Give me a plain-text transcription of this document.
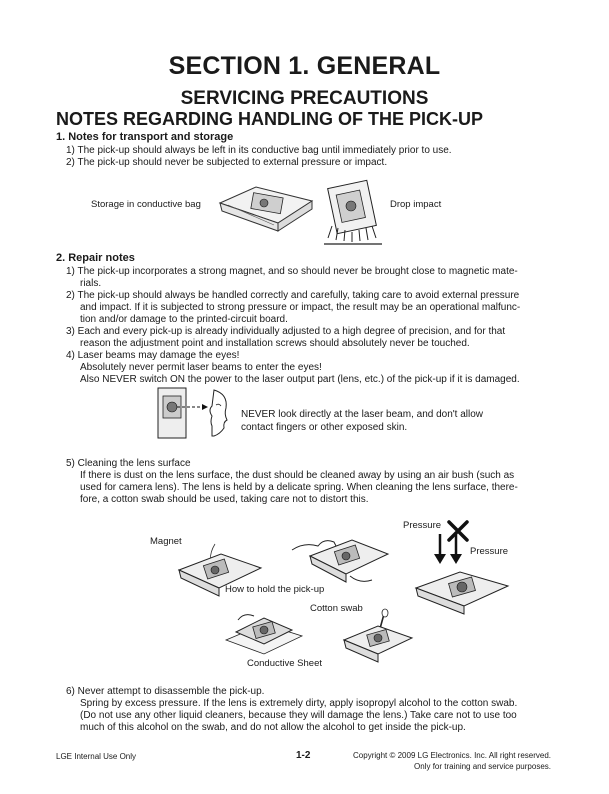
SECTION 1. GENERAL
SERVICING PRECAUTIONS
NOTES REGARDING HANDLING OF THE PICK-UP
1. Notes for transport and storage
1) The pick-up should always be left in its conductive bag until immediately prior to use.
2) The pick-up should never be subjected to external pressure or impact.
Storage in conductive bag	Drop impact
2. Repair notes
1) The pick-up incorporates a strong magnet, and so should never be brought close to magnetic mate-
rials.
2) The pick-up should always be handled correctly and carefully, taking care to avoid external pressure
and impact. If it is subjected to strong pressure or impact, the result may be an operational malfunc-
tion and/or damage to the printed-circuit board.
3) Each and every pick-up is already individually adjusted to a high degree of precision, and for that
reason the adjustment point and installation screws should absolutely never be touched.
4) Laser beams may damage the eyes!
Absolutely never permit laser beams to enter the eyes!
Also NEVER switch ON the power to the laser output part (lens, etc.) of the pick-up if it is damaged.
NEVER look directly at the laser beam, and don't allow
contact fingers or other exposed skin.
5) Cleaning the lens surface
If there is dust on the lens surface, the dust should be cleaned away by using an air bush (such as
used for camera lens). The lens is held by a delicate spring. When cleaning the lens surface, there-
fore, a cotton swab should be used, taking care not to distort this.
Magnet
Pressure
Pressure
How to hold the pick-up
Cotton swab
Conductive Sheet
6) Never attempt to disassemble the pick-up.
Spring by excess pressure. If the lens is extremely dirty, apply isopropyl alcohol to the cotton swab.
(Do not use any other liquid cleaners, because they will damage the lens.) Take care not to use too
much of this alcohol on the swab, and do not allow the alcohol to get inside the pick-up.
LGE Internal Use Only	1-2	Copyright © 2009 LG Electronics. Inc. All right reserved.
Only for training and service purposes.
